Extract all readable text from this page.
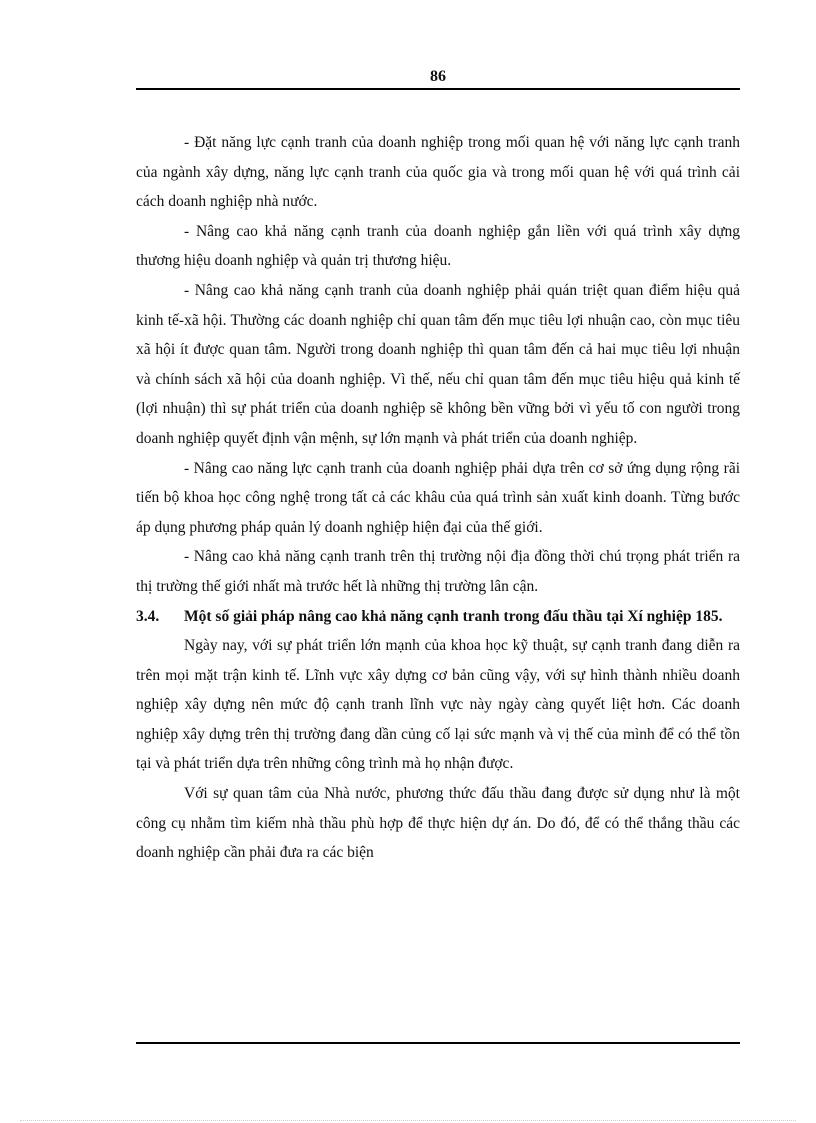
86

- Đặt năng lực cạnh tranh của doanh nghiệp trong mối quan hệ với năng lực cạnh tranh của ngành xây dựng, năng lực cạnh tranh của quốc gia và trong mối quan hệ với quá trình cải cách doanh nghiệp nhà nước.

- Nâng cao khả năng cạnh tranh của doanh nghiệp gắn liền với quá trình xây dựng thương hiệu doanh nghiệp và quản trị thương hiệu.

- Nâng cao khả năng cạnh tranh của doanh nghiệp phải quán triệt quan điểm hiệu quả kinh tế-xã hội. Thường các doanh nghiệp chỉ quan tâm đến mục tiêu lợi nhuận cao, còn mục tiêu xã hội ít được quan tâm. Người trong doanh nghiệp thì quan tâm đến cả hai mục tiêu lợi nhuận và chính sách xã hội của doanh nghiệp. Vì thế, nếu chỉ quan tâm đến mục tiêu hiệu quả kinh tế (lợi nhuận) thì sự phát triển của doanh nghiệp sẽ không bền vững bởi vì yếu tố con người trong doanh nghiệp quyết định vận mệnh, sự lớn mạnh và phát triển của doanh nghiệp.

- Nâng cao năng lực cạnh tranh của doanh nghiệp phải dựa trên cơ sở ứng dụng rộng rãi tiến bộ khoa học công nghệ trong tất cả các khâu của quá trình sản xuất kinh doanh. Từng bước áp dụng phương pháp quản lý doanh nghiệp hiện đại của thế giới.

- Nâng cao khả năng cạnh tranh trên thị trường nội địa đồng thời chú trọng phát triển ra thị trường thế giới nhất mà trước hết là những thị trường lân cận.

3.4. Một số giải pháp nâng cao khả năng cạnh tranh trong đấu thầu tại Xí nghiệp 185.

Ngày nay, với sự phát triển lớn mạnh của khoa học kỹ thuật, sự cạnh tranh đang diễn ra trên mọi mặt trận kinh tế. Lĩnh vực xây dựng cơ bản cũng vậy, với sự hình thành nhiều doanh nghiệp xây dựng nên mức độ cạnh tranh lĩnh vực này ngày càng quyết liệt hơn. Các doanh nghiệp xây dựng trên thị trường đang dần củng cố lại sức mạnh và vị thế của mình để có thể tồn tại và phát triển dựa trên những công trình mà họ nhận được.

Với sự quan tâm của Nhà nước, phương thức đấu thầu đang được sử dụng như là một công cụ nhằm tìm kiếm nhà thầu phù hợp để thực hiện dự án. Do đó, để có thể thắng thầu các doanh nghiệp cần phải đưa ra các biện
